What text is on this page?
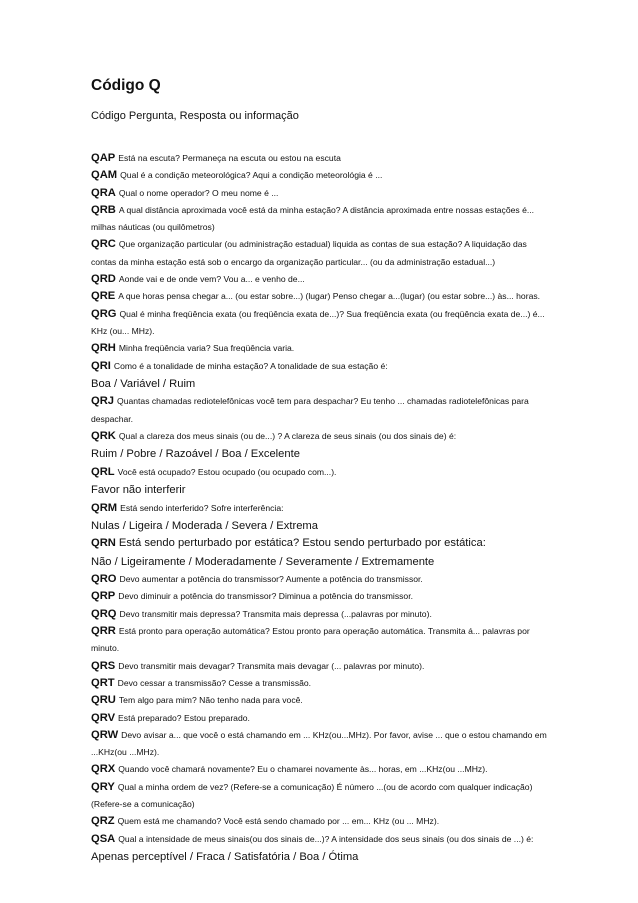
Código Q

Código Pergunta, Resposta ou informação

QAP Está na escuta? Permaneça na escuta ou estou na escuta

QAM Qual é a condição meteorológica? Aqui a condição meteorológia é ...

QRA Qual o nome operador? O meu nome é ...

QRB A qual distância aproximada você está da minha estação? A distância aproximada entre nossas estações é... milhas náuticas (ou quilômetros)

QRC Que organização particular (ou administração estadual) liquida as contas de sua estação? A liquidação das contas da minha estação está sob o encargo da organização particular... (ou da administração estadual...)

QRD Aonde vai e de onde vem? Vou a... e venho de...

QRE A que horas pensa chegar a... (ou estar sobre...) (lugar) Penso chegar a...(lugar) (ou estar sobre...) às... horas.

QRG Qual é minha freqüência exata (ou freqüência exata de...)? Sua freqüência exata (ou freqüência exata de...) é... KHz (ou... MHz).

QRH Minha freqüência varia? Sua freqüência varia.

QRI Como é a tonalidade de minha estação? A tonalidade de sua estação é:

Boa / Variável / Ruim

QRJ Quantas chamadas rediotelefônicas você tem para despachar? Eu tenho ... chamadas radiotelefônicas para despachar.

QRK Qual a clareza dos meus sinais (ou de...) ? A clareza de seus sinais (ou dos sinais de) é:

Ruim / Pobre / Razoável / Boa / Excelente

QRL Você está ocupado? Estou ocupado (ou ocupado com...).

Favor não interferir

QRM Está sendo interferido? Sofre interferência:

Nulas / Ligeira / Moderada / Severa / Extrema

QRN Está sendo perturbado por estática? Estou sendo perturbado por estática:

Não / Ligeiramente / Moderadamente / Severamente / Extremamente

QRO Devo aumentar a potência do transmissor? Aumente a potência do transmissor.

QRP Devo diminuir a potência do transmissor? Diminua a potência do transmissor.

QRQ Devo transmitir mais depressa? Transmita mais depressa (...palavras por minuto).

QRR Está pronto para operação automática? Estou pronto para operação automática. Transmita á... palavras por minuto.

QRS Devo transmitir mais devagar? Transmita mais devagar (... palavras por minuto).

QRT Devo cessar a transmissão? Cesse a transmissão.

QRU Tem algo para mim? Não tenho nada para você.

QRV Está preparado? Estou preparado.

QRW Devo avisar a... que você o está chamando em ... KHz(ou...MHz). Por favor, avise ... que o estou chamando em ...KHz(ou ...MHz).

QRX Quando você chamará novamente? Eu o chamarei novamente às... horas, em ...KHz(ou ...MHz).

QRY Qual a minha ordem de vez? (Refere-se a comunicação) É número ...(ou de acordo com qualquer indicação) (Refere-se a comunicação)

QRZ Quem está me chamando? Você está sendo chamado por ... em... KHz (ou ... MHz).

QSA Qual a intensidade de meus sinais(ou dos sinais de...)? A intensidade dos seus sinais (ou dos sinais de ...) é:

Apenas perceptível / Fraca / Satisfatória / Boa / Ótima
